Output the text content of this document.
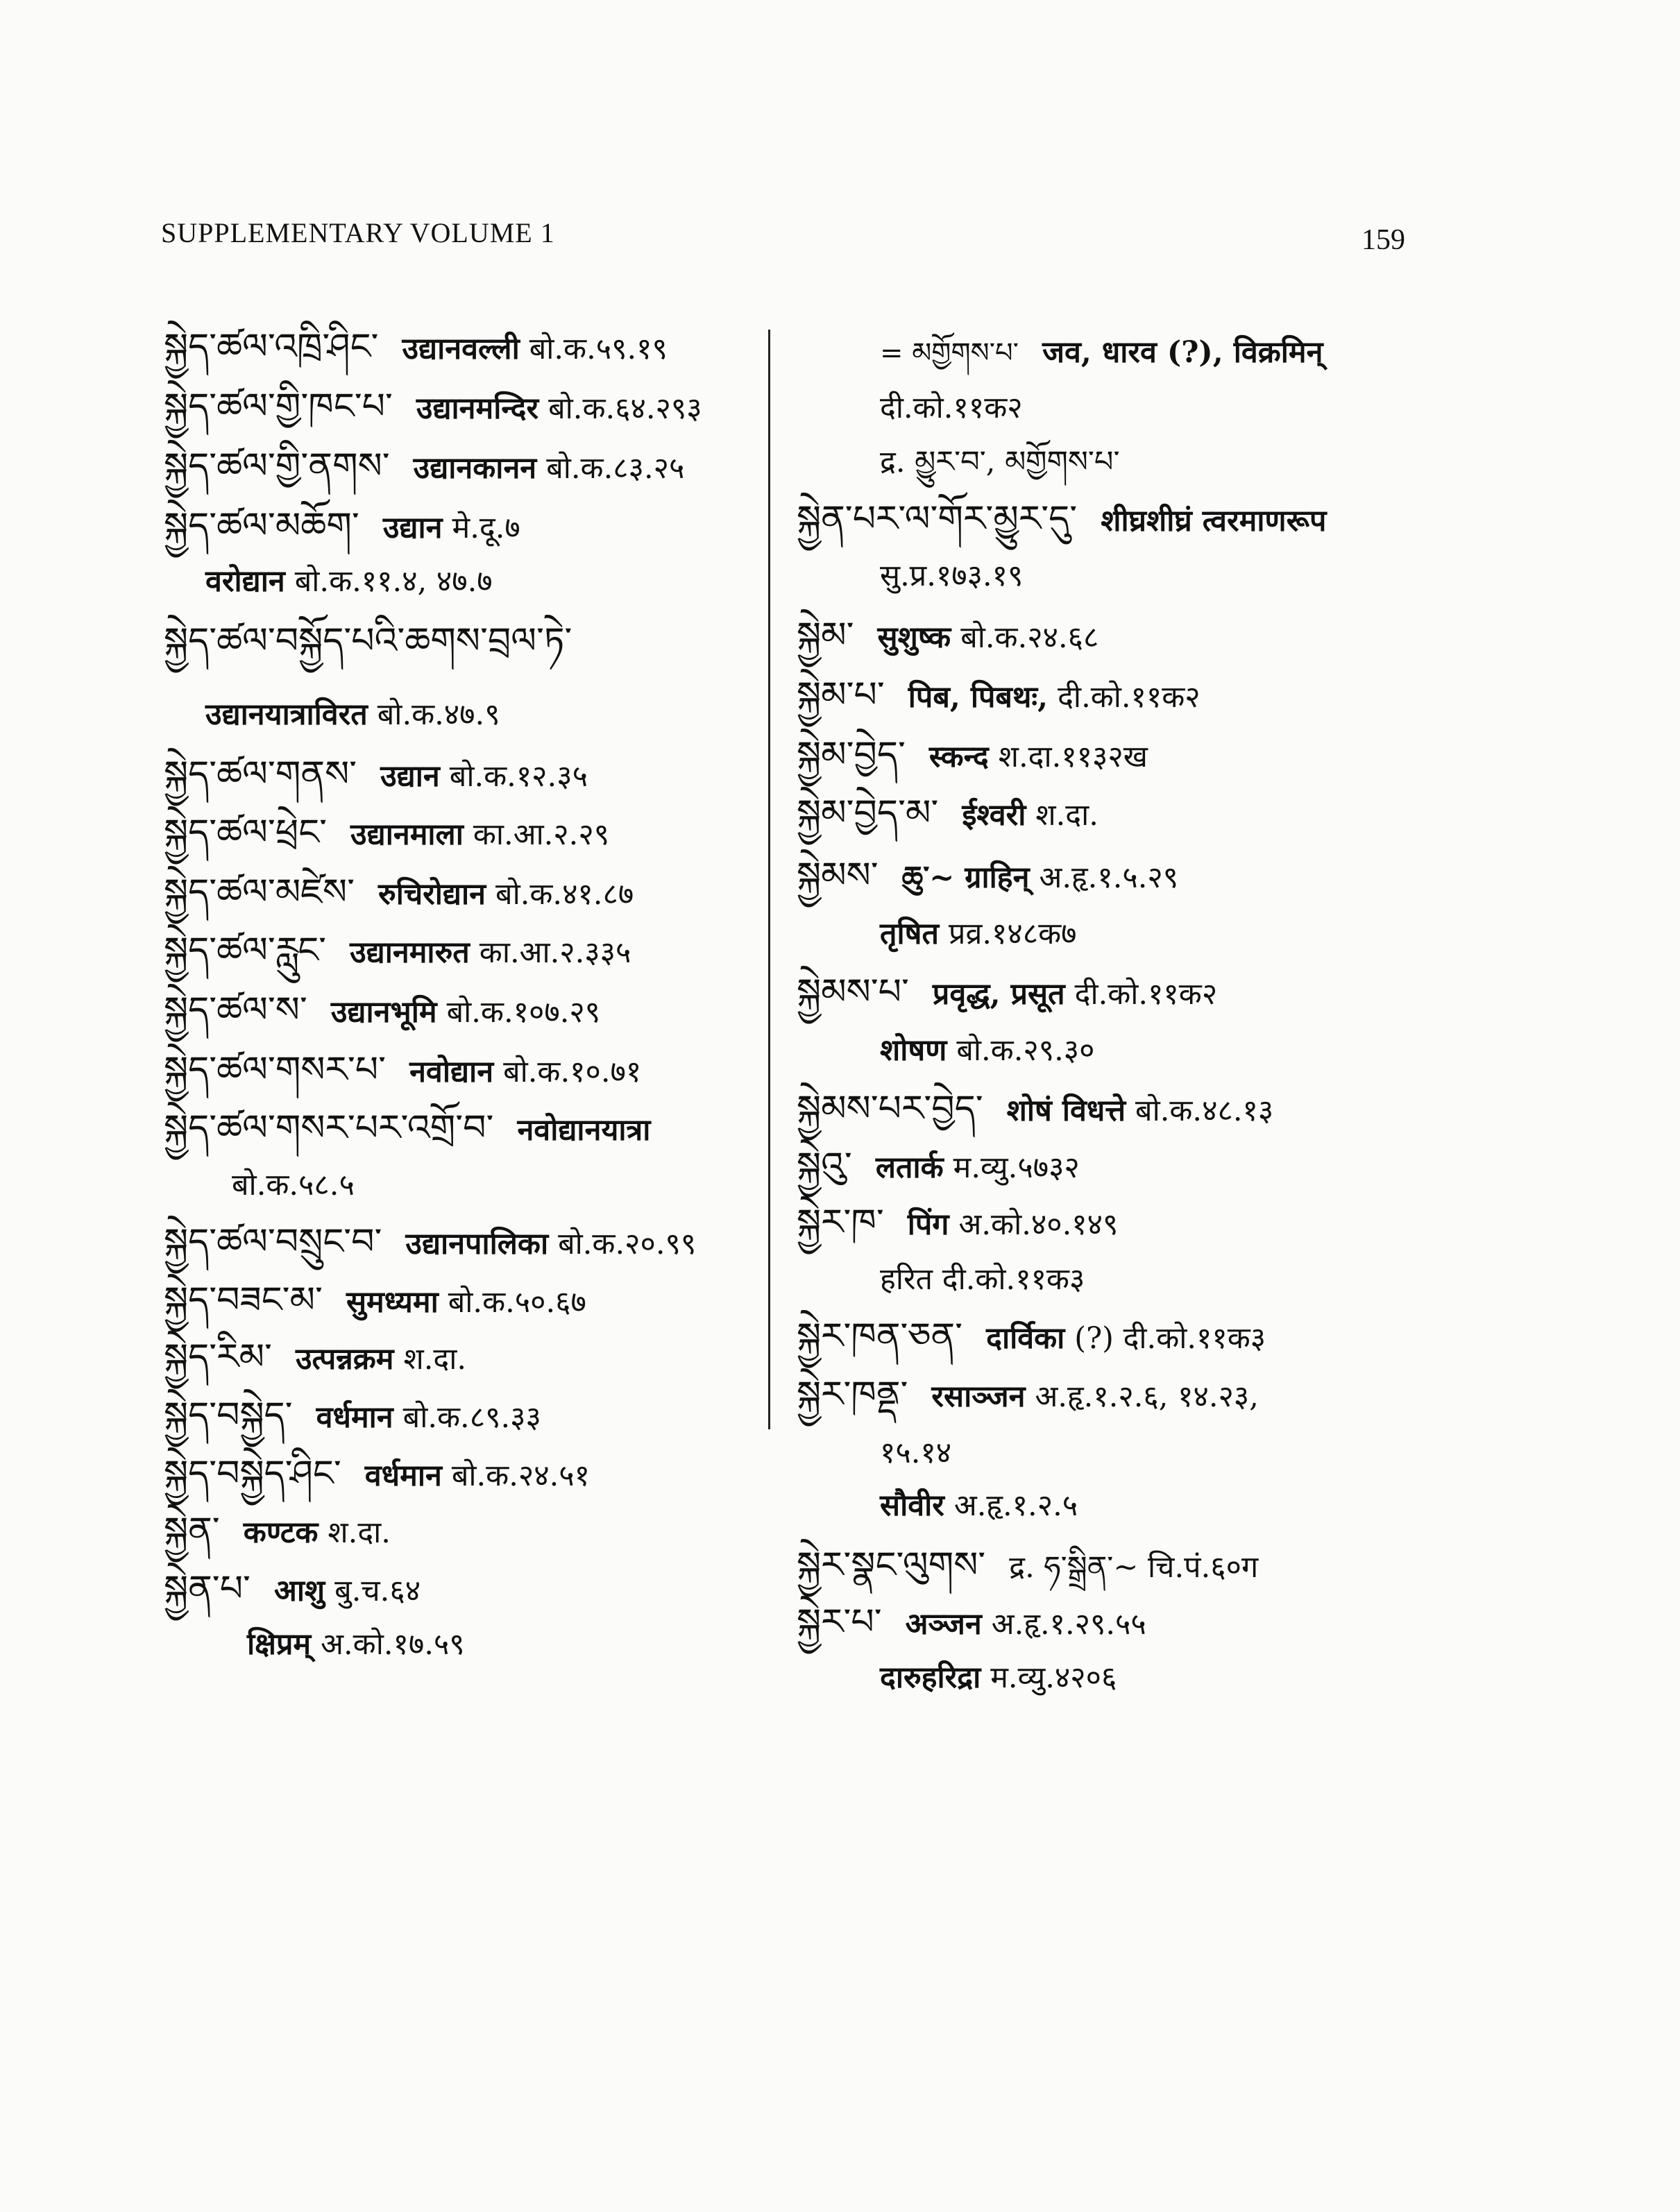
SUPPLEMENTARY VOLUME 1	159
སྐྱེད་ཚལ་འཁྲི་ཤིང་ उद्यानवल्ली बो.क.५९.१९
སྐྱེད་ཚལ་གྱི་ཁང་པ་ उद्यानमन्दिर बो.क.६४.२९३
སྐྱེད་ཚལ་གྱི་ནགས་ उद्यानकानन बो.क.८३.२५
སྐྱེད་ཚལ་མཆོག་ उद्यान मे.दू.७
वरोद्यान बो.क.११.४, ४७.७
སྐྱེད་ཚལ་བསྐྱོད་པའི་ཆགས་བྲལ་ཏེ་
उद्यानयात्राविरत बो.क.४७.९
སྐྱེད་ཚལ་གནས་ उद्यान बो.क.१२.३५
སྐྱེད་ཚལ་ཕྲེང་ उद्यानमाला का.आ.२.२९
སྐྱེད་ཚལ་མཛེས་ रुचिरोद्यान बो.क.४१.८७
སྐྱེད་ཚལ་རླུང་ उद्यानमारुत का.आ.२.३३५
སྐྱེད་ཚལ་ས་ उद्यानभूमि बो.क.१०७.२९
སྐྱེད་ཚལ་གསར་པ་ नवोद्यान बो.क.१०.७१
སྐྱེད་ཚལ་གསར་པར་འགྲོ་བ་ नवोद्यानयात्रा
बो.क.५८.५
སྐྱེད་ཚལ་བསྲུང་བ་ उद्यानपालिका बो.क.२०.९९
སྐྱེད་བཟང་མ་ सुमध्यमा बो.क.५०.६७
སྐྱེད་རིམ་ उत्पन्नक्रम श.दा.
སྐྱེད་བསྐྱེད་ वर्धमान बो.क.८९.३३
སྐྱེད་བསྐྱེད་ཤིང་ वर्धमान बो.क.२४.५१
སྐྱེན་ कण्टक श.दा.
སྐྱེན་པ་ आशु बु.च.६४
क्षिप्रम् अ.को.१७.५९
= མགྱོགས་པ་ जव, धारव (?), विक्रमिन्
दी.को.११क२
द्र. མྱུར་བ་, མགྱོགས་པ་
སྐྱེན་པར་ལ་གོར་མྱུར་དུ་ शीघ्रशीघ्रं त्वरमाणरूप
सु.प्र.१७३.१९
སྐྱེམ་ सुशुष्क बो.क.२४.६८
སྐྱེམ་པ་ पिब, पिबथः, दी.को.११क२
སྐྱེམ་བྱེད་ स्कन्द श.दा.११३२ख
སྐྱེམ་བྱེད་མ་ ईश्वरी श.दा.
སྐྱེམས་ ཆུ་~ ग्राहिन् अ.हृ.१.५.२९
तृषित प्रव्र.१४८क७
སྐྱེམས་པ་ प्रवृद्ध, प्रसूत दी.को.११क२
शोषण बो.क.२९.३०
སྐྱེམས་པར་བྱེད་ शोषं विधत्ते बो.क.४८.१३
སྐྱེའུ་ लतार्क म.व्यु.५७३२
སྐྱེར་ཁ་ पिंग अ.को.४०.१४९
हरित दी.को.११क३
སྐྱེར་ཁན་ཅན་ दार्विका (?) दी.को.११क३
སྐྱེར་ཁནྡ་ रसाञ्जन अ.हृ.१.२.६, १४.२३,
१५.१४
सौवीर अ.हृ.१.२.५
སྐྱེར་སྣང་ལུགས་ द्र. ཧ་སྒྲིན་~ चि.पं.६०ग
སྐྱེར་པ་ अञ्जन अ.हृ.१.२९.५५
दारुहरिद्रा म.व्यु.४२०६
